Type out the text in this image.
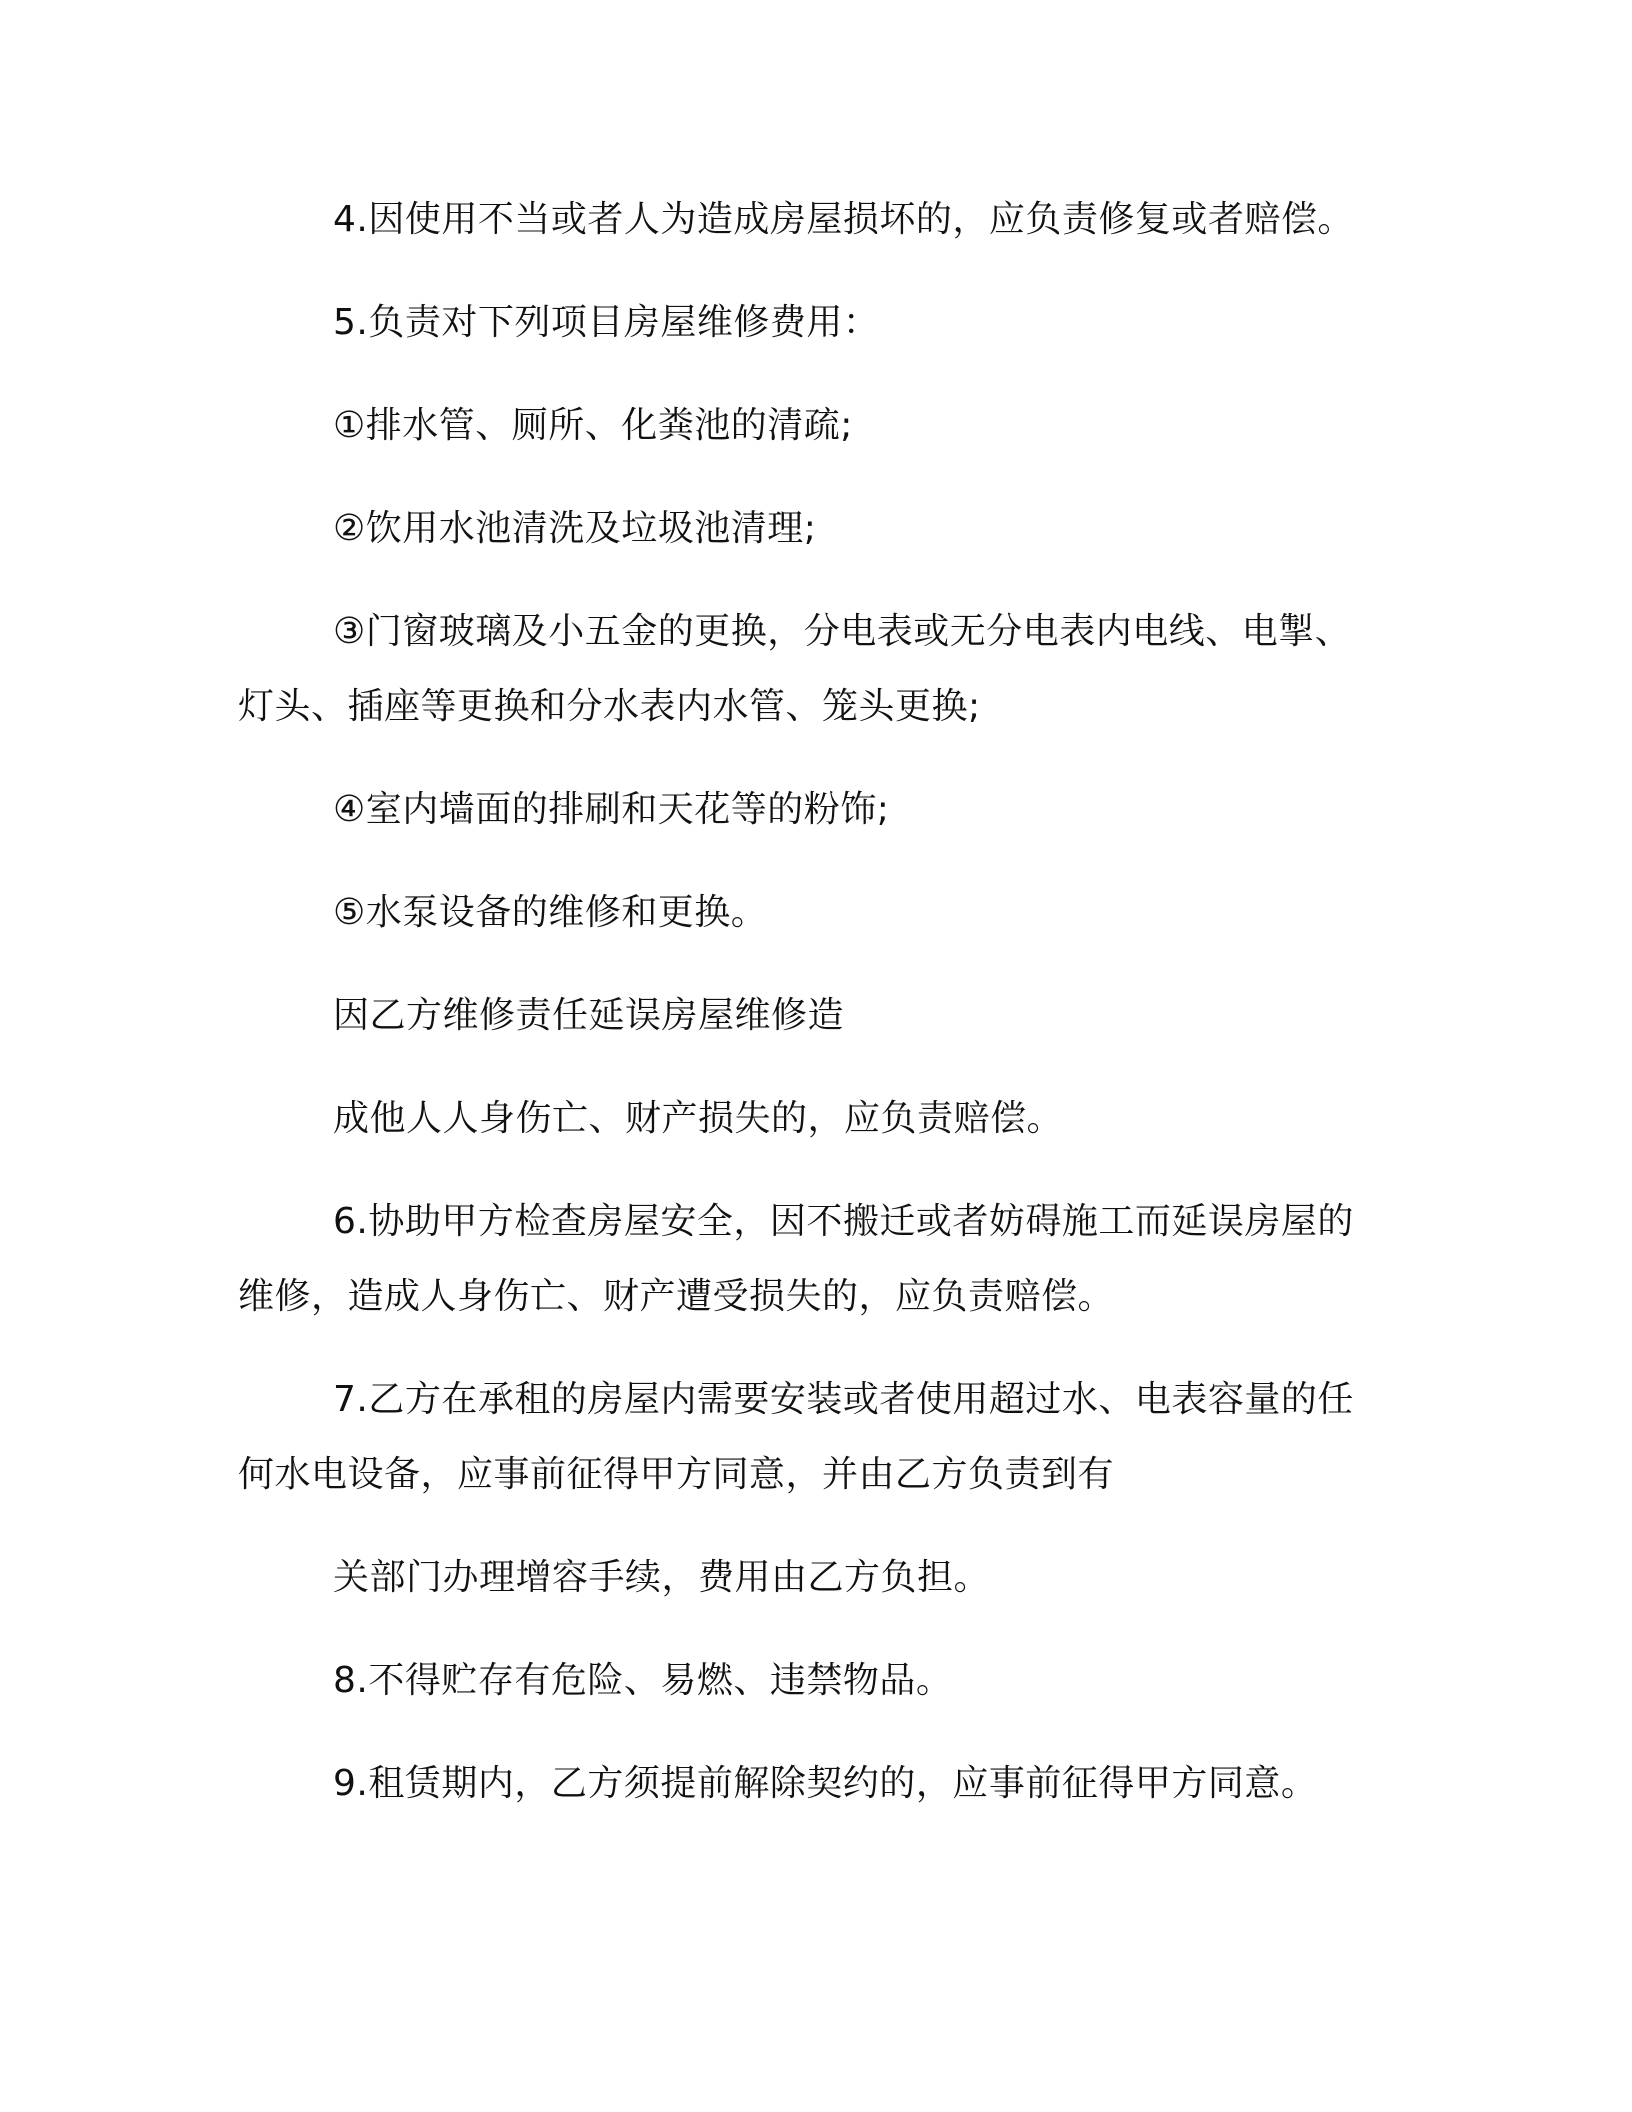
4.因使用不当或者人为造成房屋损坏的，应负责修复或者赔偿。
5.负责对下列项目房屋维修费用：
①排水管、厕所、化粪池的清疏;
②饮用水池清洗及垃圾池清理;
③门窗玻璃及小五金的更换，分电表或无分电表内电线、电掣、
灯头、插座等更换和分水表内水管、笼头更换;
④室内墙面的排刷和天花等的粉饰;
⑤水泵设备的维修和更换。
因乙方维修责任延误房屋维修造
成他人人身伤亡、财产损失的，应负责赔偿。
6.协助甲方检查房屋安全，因不搬迁或者妨碍施工而延误房屋的
维修，造成人身伤亡、财产遭受损失的，应负责赔偿。
7.乙方在承租的房屋内需要安装或者使用超过水、电表容量的任
何水电设备，应事前征得甲方同意，并由乙方负责到有
关部门办理增容手续，费用由乙方负担。
8.不得贮存有危险、易燃、违禁物品。
9.租赁期内，乙方须提前解除契约的，应事前征得甲方同意。
